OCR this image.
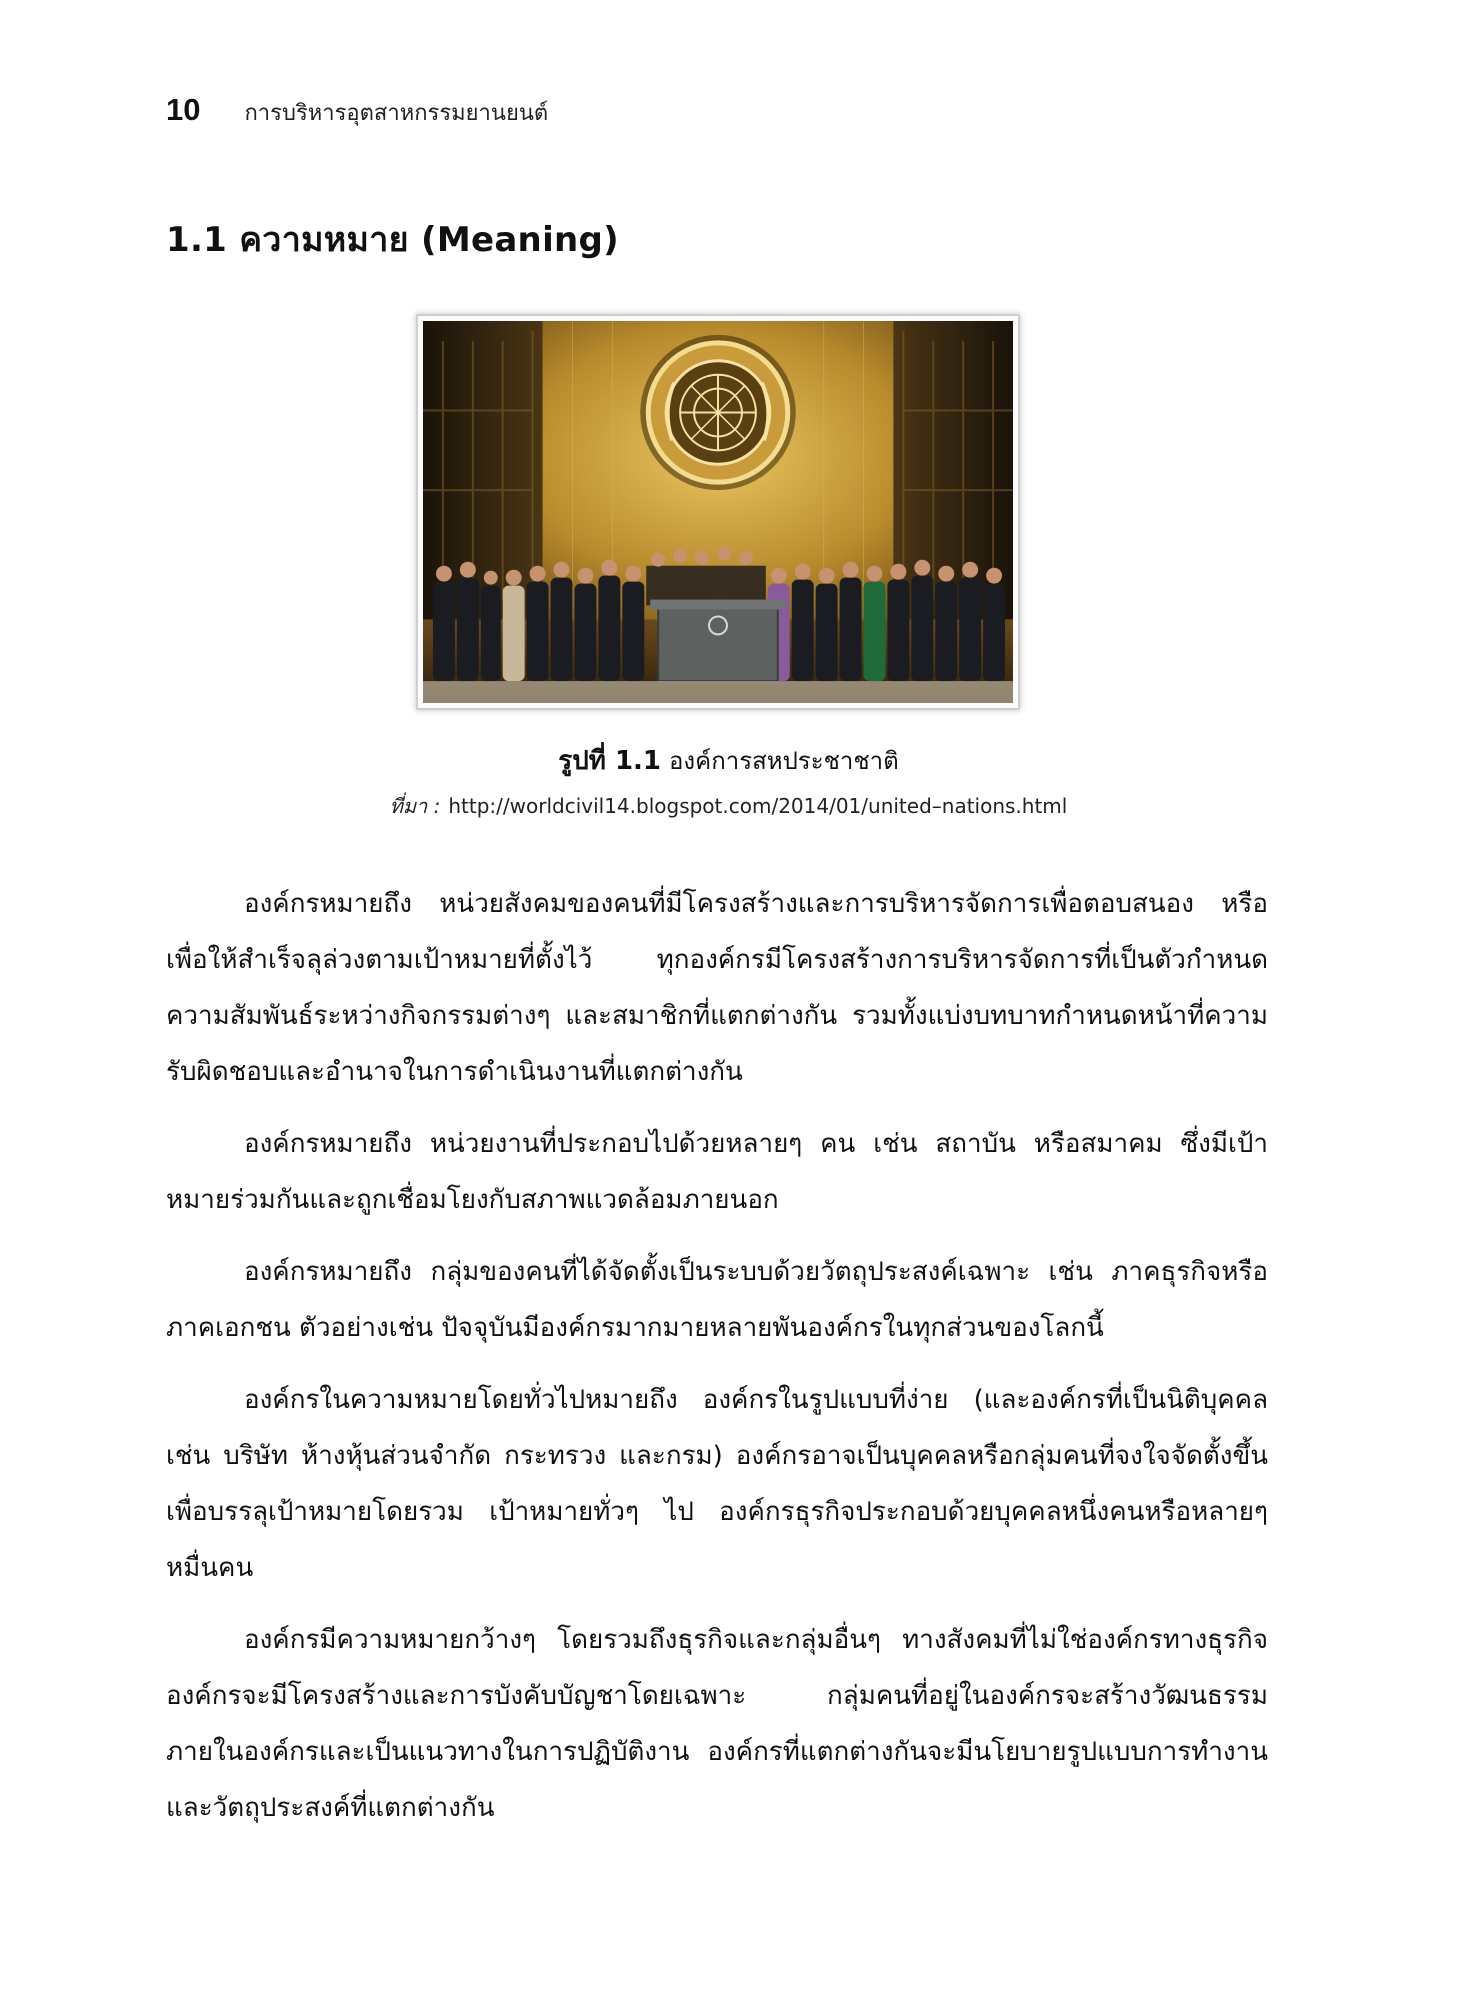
10 การบริหารอุตสาหกรรมยานยนต์
1.1 ความหมาย (Meaning)
รูปที่ 1.1 องค์การสหประชาชาติ
ที่มา : http://worldcivil14.blogspot.com/2014/01/united–nations.html

องค์กรหมายถึง หน่วยสังคมของคนที่มีโครงสร้างและการบริหารจัดการเพื่อตอบสนอง หรือเพื่อให้สำเร็จลุล่วงตามเป้าหมายที่ตั้งไว้ ทุกองค์กรมีโครงสร้างการบริหารจัดการที่เป็นตัวกำหนดความสัมพันธ์ระหว่างกิจกรรมต่างๆ และสมาชิกที่แตกต่างกัน รวมทั้งแบ่งบทบาทกำหนดหน้าที่ความรับผิดชอบและอำนาจในการดำเนินงานที่แตกต่างกัน

องค์กรหมายถึง หน่วยงานที่ประกอบไปด้วยหลายๆ คน เช่น สถาบัน หรือสมาคม ซึ่งมีเป้าหมายร่วมกันและถูกเชื่อมโยงกับสภาพแวดล้อมภายนอก

องค์กรหมายถึง กลุ่มของคนที่ได้จัดตั้งเป็นระบบด้วยวัตถุประสงค์เฉพาะ เช่น ภาคธุรกิจหรือภาคเอกชน ตัวอย่างเช่น ปัจจุบันมีองค์กรมากมายหลายพันองค์กรในทุกส่วนของโลกนี้

องค์กรในความหมายโดยทั่วไปหมายถึง องค์กรในรูปแบบที่ง่าย (และองค์กรที่เป็นนิติบุคคล เช่น บริษัท ห้างหุ้นส่วนจำกัด กระทรวง และกรม) องค์กรอาจเป็นบุคคลหรือกลุ่มคนที่จงใจจัดตั้งขึ้นเพื่อบรรลุเป้าหมายโดยรวม เป้าหมายทั่วๆ ไป องค์กรธุรกิจประกอบด้วยบุคคลหนึ่งคนหรือหลายๆ หมื่นคน

องค์กรมีความหมายกว้างๆ โดยรวมถึงธุรกิจและกลุ่มอื่นๆ ทางสังคมที่ไม่ใช่องค์กรทางธุรกิจ องค์กรจะมีโครงสร้างและการบังคับบัญชาโดยเฉพาะ กลุ่มคนที่อยู่ในองค์กรจะสร้างวัฒนธรรมภายในองค์กรและเป็นแนวทางในการปฏิบัติงาน องค์กรที่แตกต่างกันจะมีนโยบายรูปแบบการทำงานและวัตถุประสงค์ที่แตกต่างกัน
